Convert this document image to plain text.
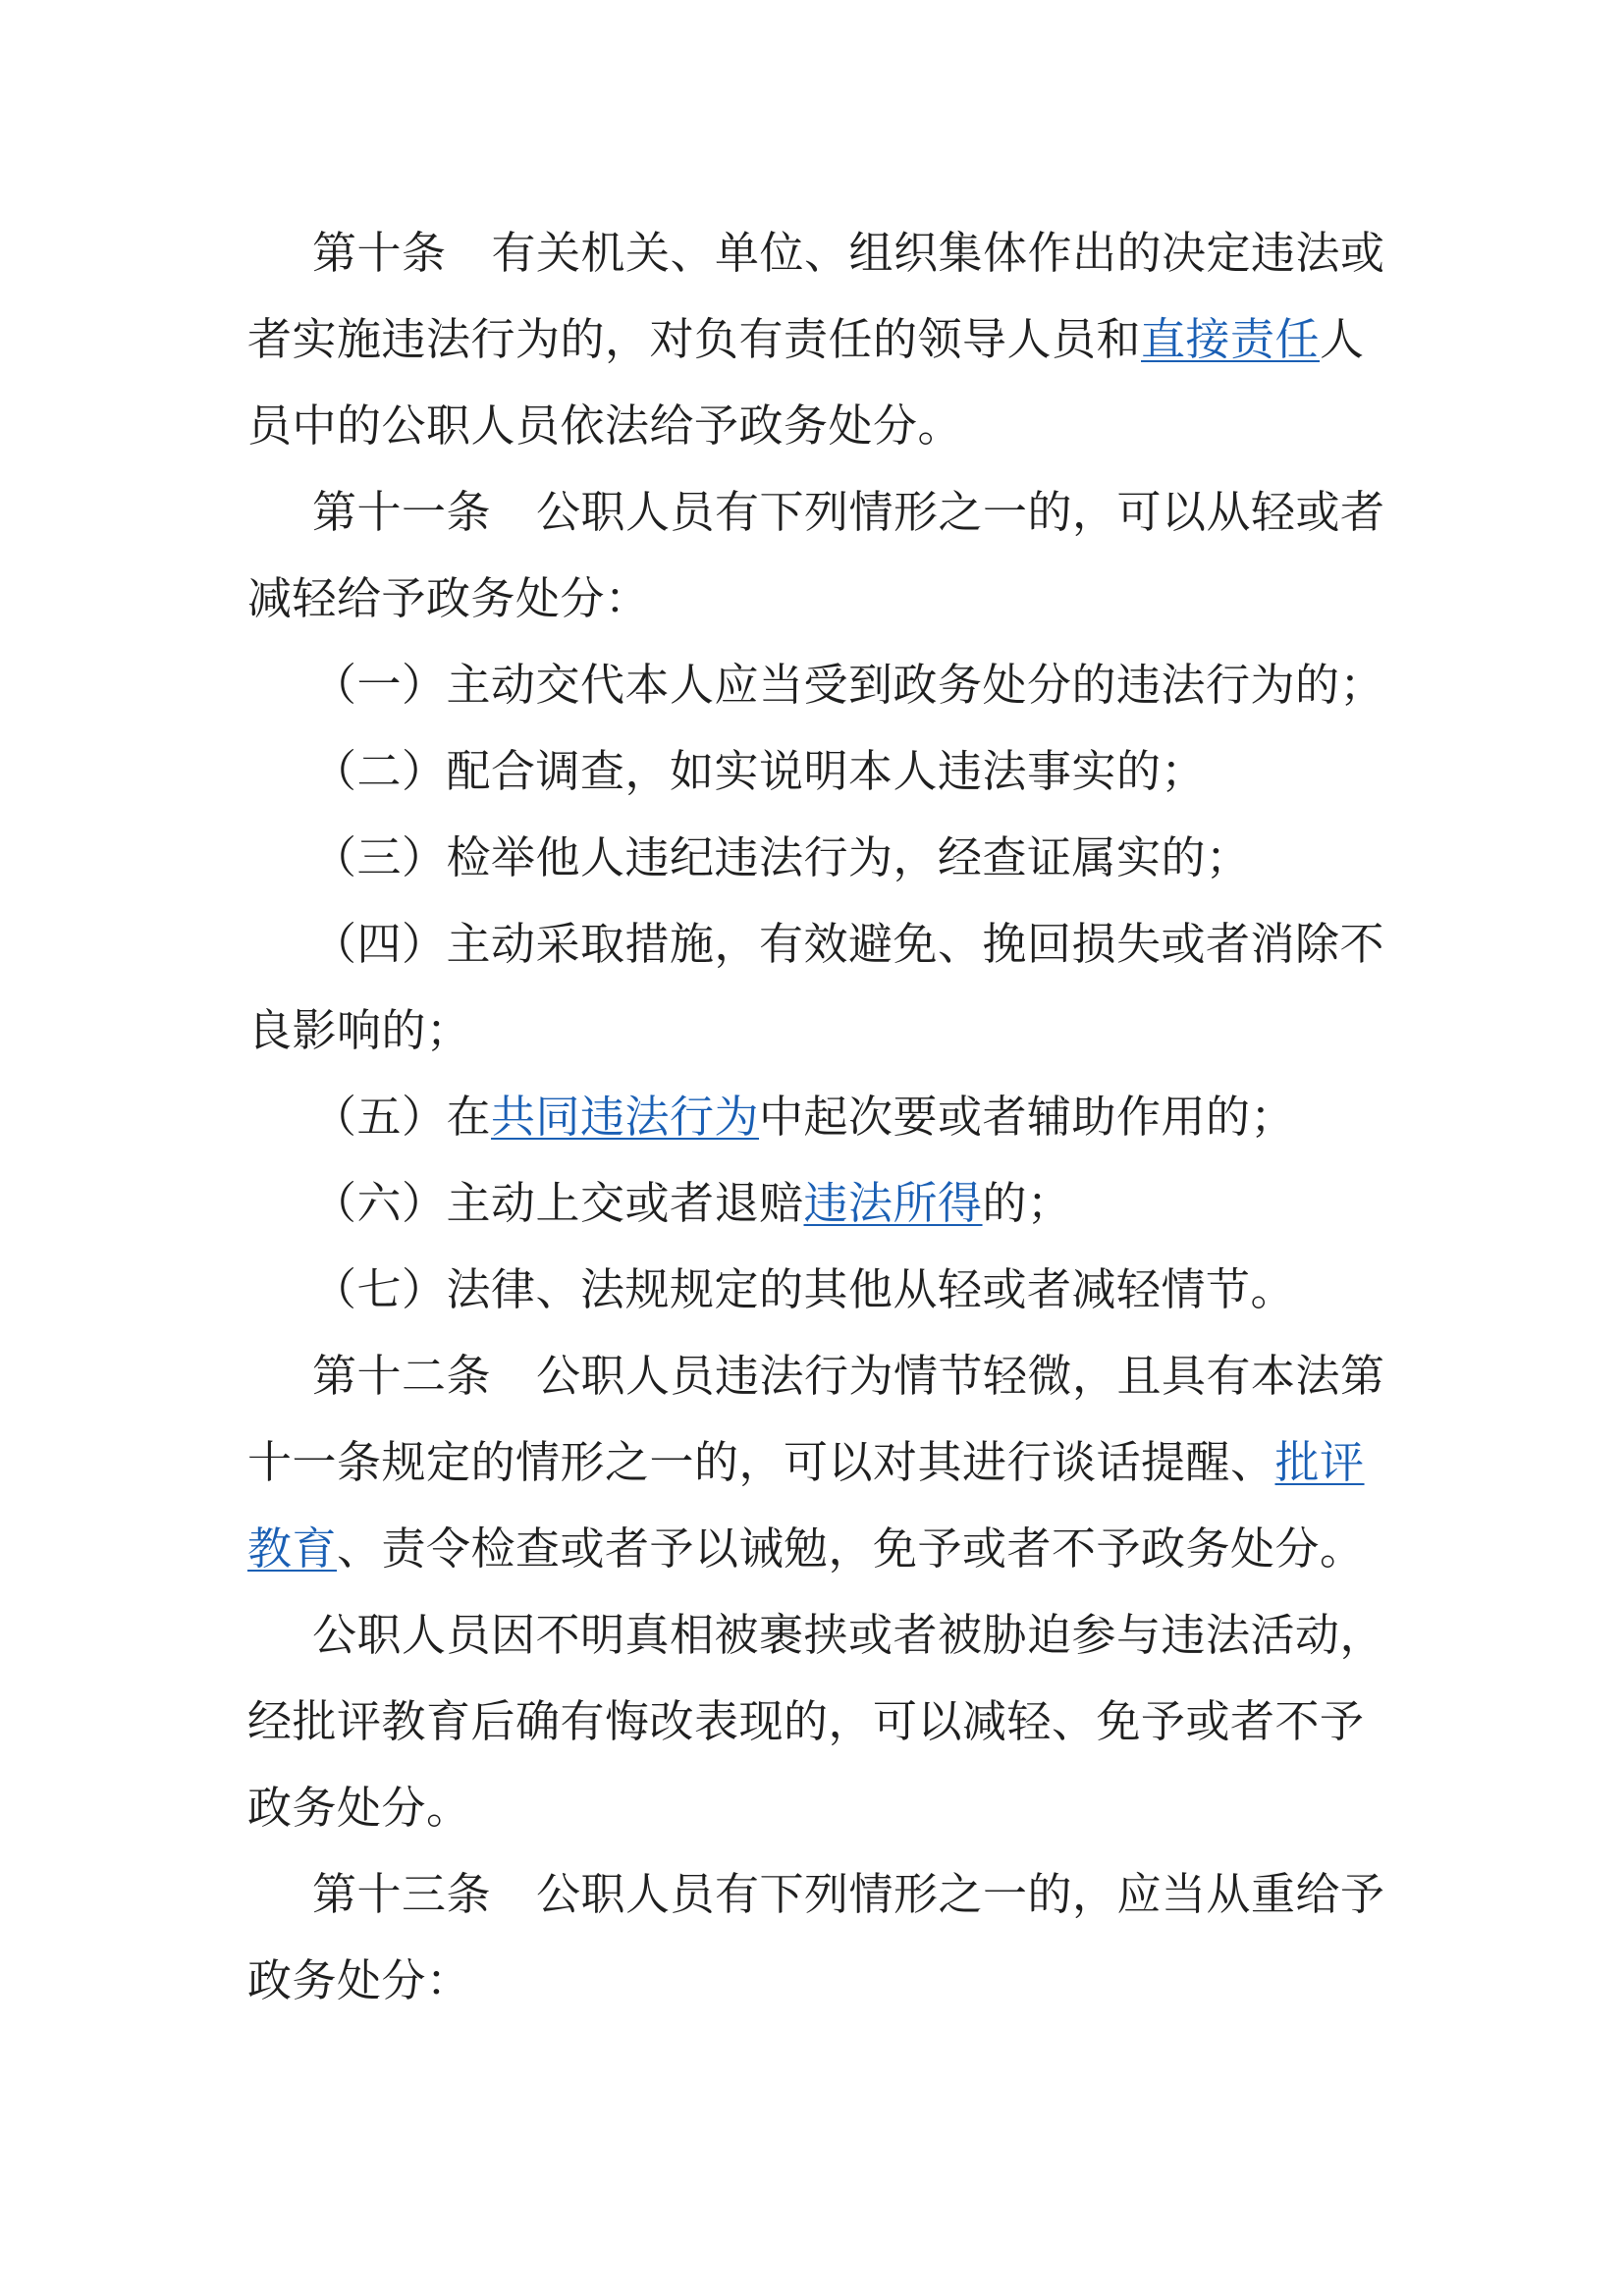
第十条 有关机关、单位、组织集体作出的决定违法或
者实施违法行为的，对负有责任的领导人员和直接责任人
员中的公职人员依法给予政务处分。
第十一条 公职人员有下列情形之一的，可以从轻或者
减轻给予政务处分：
（一）主动交代本人应当受到政务处分的违法行为的；
（二）配合调查，如实说明本人违法事实的；
（三）检举他人违纪违法行为，经查证属实的；
（四）主动采取措施，有效避免、挽回损失或者消除不
良影响的；
（五）在共同违法行为中起次要或者辅助作用的；
（六）主动上交或者退赔违法所得的；
（七）法律、法规规定的其他从轻或者减轻情节。
第十二条 公职人员违法行为情节轻微，且具有本法第
十一条规定的情形之一的，可以对其进行谈话提醒、批评
教育、责令检查或者予以诫勉，免予或者不予政务处分。
公职人员因不明真相被裹挟或者被胁迫参与违法活动，
经批评教育后确有悔改表现的，可以减轻、免予或者不予
政务处分。
第十三条 公职人员有下列情形之一的，应当从重给予
政务处分：
